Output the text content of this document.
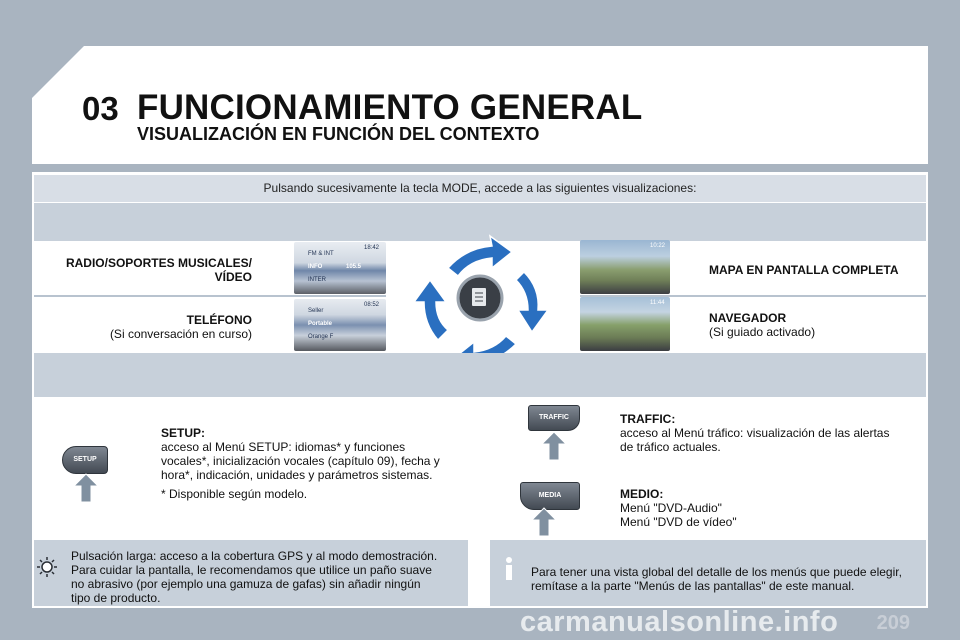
03 FUNCIONAMIENTO GENERAL
VISUALIZACIÓN EN FUNCIÓN DEL CONTEXTO
Pulsando sucesivamente la tecla MODE, accede a las siguientes visualizaciones:
RADIO/SOPORTES MUSICALES/
VÍDEO
TELÉFONO
(Si conversación en curso)
FM & INT
18:42
INFO	105.5
INTER
Seller
08:52
Portable
Orange F
10:22
11:44
MAPA EN PANTALLA COMPLETA
NAVEGADOR
(Si guiado activado)
SETUP
SETUP:
acceso al Menú SETUP: idiomas* y funciones
vocales*, inicialización vocales (capítulo 09), fecha y
hora*, indicación, unidades y parámetros sistemas.
* Disponible según modelo.
TRAFFIC	TRAFFIC:
acceso al Menú tráfico: visualización de las alertas
de tráfico actuales.
MEDIA	MEDIO:
Menú "DVD-Audio"
Menú "DVD de vídeo"
Pulsación larga: acceso a la cobertura GPS y al modo demostración.
Para cuidar la pantalla, le recomendamos que utilice un paño suave
no abrasivo (por ejemplo una gamuza de gafas) sin añadir ningún
tipo de producto.
Para tener una vista global del detalle de los menús que puede elegir,
remítase a la parte "Menús de las pantallas" de este manual.
carmanualsonline.info 209
